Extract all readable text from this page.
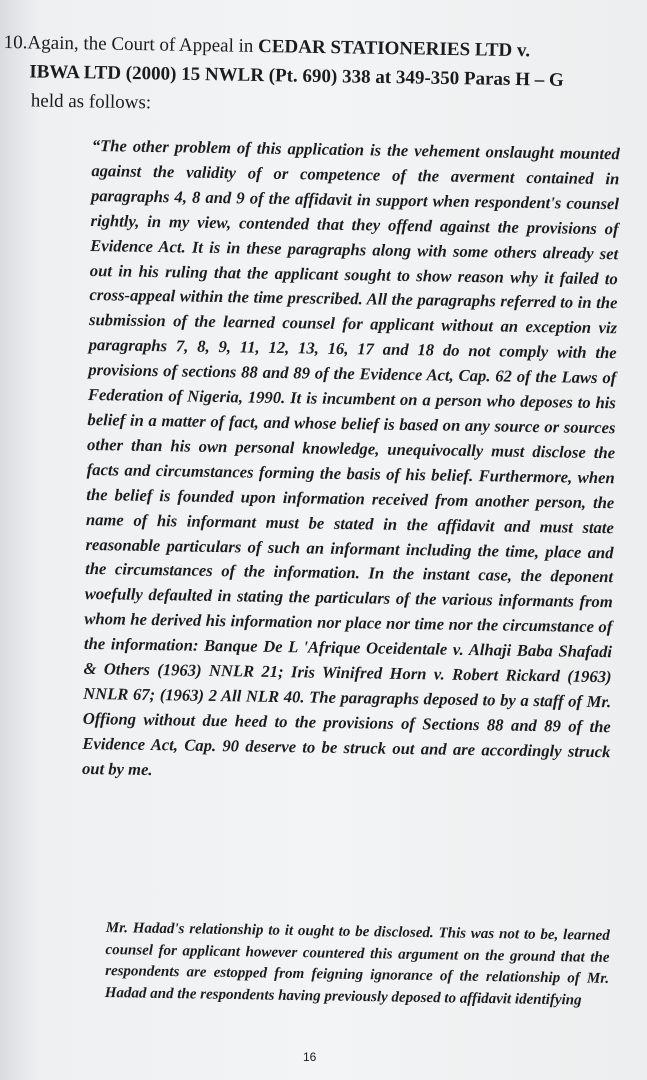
10.Again, the Court of Appeal in CEDAR STATIONERIES LTD v.
IBWA LTD (2000) 15 NWLR (Pt. 690) 338 at 349-350 Paras H – G
held as follows:

“The other problem of this application is the vehement onslaught mounted against the validity of or competence of the averment contained in paragraphs 4, 8 and 9 of the affidavit in support when respondent's counsel rightly, in my view, contended that they offend against the provisions of Evidence Act. It is in these paragraphs along with some others already set out in his ruling that the applicant sought to show reason why it failed to cross-appeal within the time prescribed. All the paragraphs referred to in the submission of the learned counsel for applicant without an exception viz paragraphs 7, 8, 9, 11, 12, 13, 16, 17 and 18 do not comply with the provisions of sections 88 and 89 of the Evidence Act, Cap. 62 of the Laws of Federation of Nigeria, 1990. It is incumbent on a person who deposes to his belief in a matter of fact, and whose belief is based on any source or sources other than his own personal knowledge, unequivocally must disclose the facts and circumstances forming the basis of his belief. Furthermore, when the belief is founded upon information received from another person, the name of his informant must be stated in the affidavit and must state reasonable particulars of such an informant including the time, place and the circumstances of the information. In the instant case, the deponent woefully defaulted in stating the particulars of the various informants from whom he derived his information nor place nor time nor the circumstance of the information: Banque De L 'Afrique Oceidentale v. Alhaji Baba Shafadi & Others (1963) NNLR 21; Iris Winifred Horn v. Robert Rickard (1963) NNLR 67; (1963) 2 All NLR 40. The paragraphs deposed to by a staff of Mr. Offiong without due heed to the provisions of Sections 88 and 89 of the Evidence Act, Cap. 90 deserve to be struck out and are accordingly struck out by me.

Mr. Hadad's relationship to it ought to be disclosed. This was not to be, learned counsel for applicant however countered this argument on the ground that the respondents are estopped from feigning ignorance of the relationship of Mr. Hadad and the respondents having previously deposed to affidavit identifying

16
